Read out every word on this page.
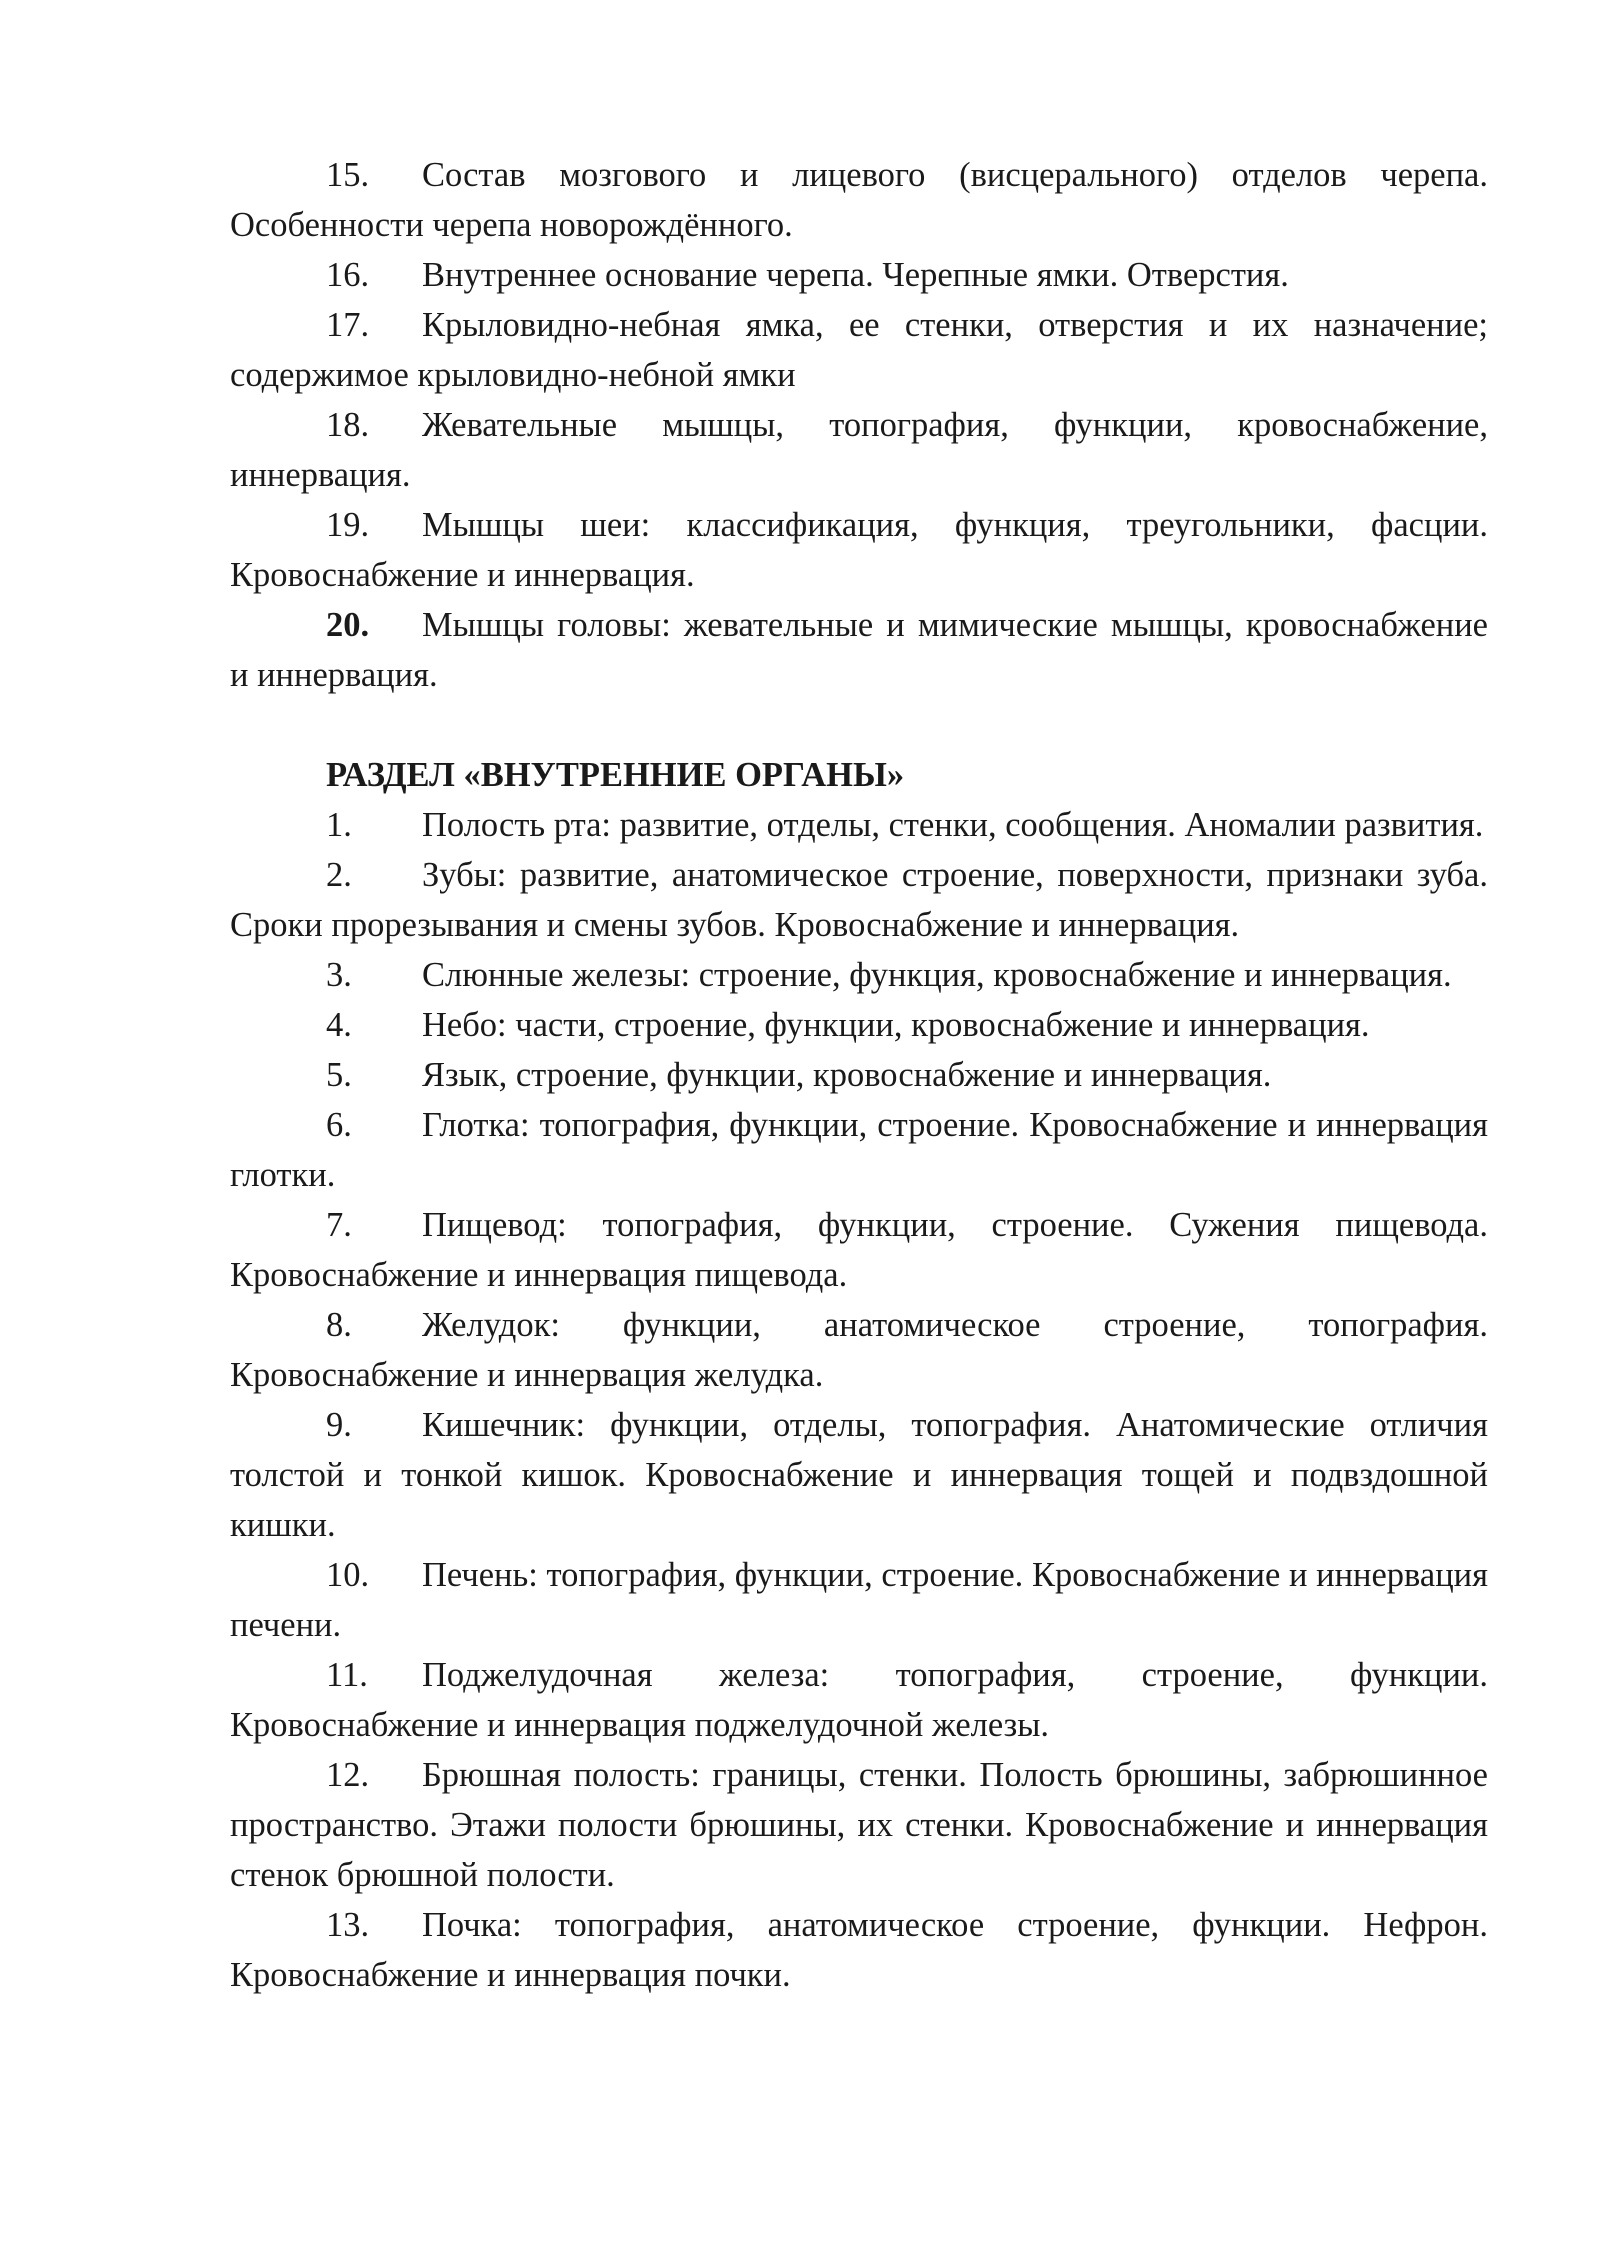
15. Состав мозгового и лицевого (висцерального) отделов черепа. Особенности черепа новорождённого.

16. Внутреннее основание черепа. Черепные ямки. Отверстия.

17. Крыловидно-небная ямка, ее стенки, отверстия и их назначение; содержимое крыловидно-небной ямки

18. Жевательные мышцы, топография, функции, кровоснабжение, иннервация.

19. Мышцы шеи: классификация, функция, треугольники, фасции. Кровоснабжение и иннервация.

20. Мышцы головы: жевательные и мимические мышцы, кровоснабжение и иннервация.

РАЗДЕЛ «ВНУТРЕННИЕ ОРГАНЫ»

1. Полость рта: развитие, отделы, стенки, сообщения. Аномалии развития.

2. Зубы: развитие, анатомическое строение, поверхности, признаки зуба. Сроки прорезывания и смены зубов. Кровоснабжение и иннервация.

3. Слюнные железы: строение, функция, кровоснабжение и иннервация.

4. Небо: части, строение, функции, кровоснабжение и иннервация.

5. Язык, строение, функции, кровоснабжение и иннервация.

6. Глотка: топография, функции, строение. Кровоснабжение и иннервация глотки.

7. Пищевод: топография, функции, строение. Сужения пищевода. Кровоснабжение и иннервация пищевода.

8. Желудок: функции, анатомическое строение, топография. Кровоснабжение и иннервация желудка.

9. Кишечник: функции, отделы, топография. Анатомические отличия толстой и тонкой кишок. Кровоснабжение и иннервация тощей и подвздошной кишки.

10. Печень: топография, функции, строение. Кровоснабжение и иннервация печени.

11. Поджелудочная железа: топография, строение, функции. Кровоснабжение и иннервация поджелудочной железы.

12. Брюшная полость: границы, стенки. Полость брюшины, забрюшинное пространство. Этажи полости брюшины, их стенки. Кровоснабжение и иннервация стенок брюшной полости.

13. Почка: топография, анатомическое строение, функции. Нефрон. Кровоснабжение и иннервация почки.
